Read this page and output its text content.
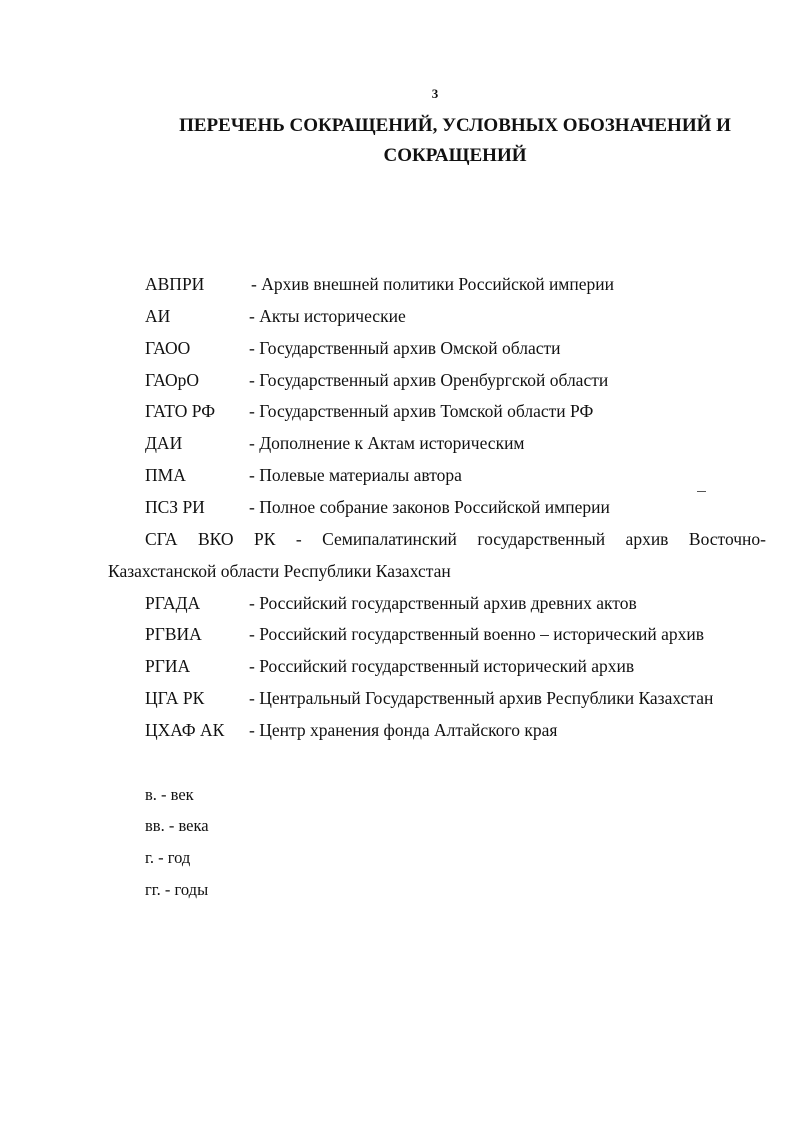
3
ПЕРЕЧЕНЬ СОКРАЩЕНИЙ, УСЛОВНЫХ ОБОЗНАЧЕНИЙ И
СОКРАЩЕНИЙ
АВПРИ	- Архив внешней политики Российской империи
АИ	- Акты исторические
ГАОО	- Государственный архив Омской области
ГАОрО	- Государственный архив Оренбургской области
ГАТО РФ - Государственный архив Томской области РФ
ДАИ	- Дополнение к Актам историческим
ПМА	- Полевые материалы автора
ПСЗ РИ	- Полное собрание законов Российской империи
СГА ВКО РК - Семипалатинский государственный архив Восточно-
Казахстанской области Республики Казахстан
РГАДА	- Российский государственный архив древних актов
РГВИА	- Российский государственный военно – исторический архив
РГИА	- Российский государственный исторический архив
ЦГА РК	- Центральный Государственный архив Республики Казахстан
ЦХАФ АК - Центр хранения фонда Алтайского края
в. - век
вв. - века
г. - год
гг. - годы
